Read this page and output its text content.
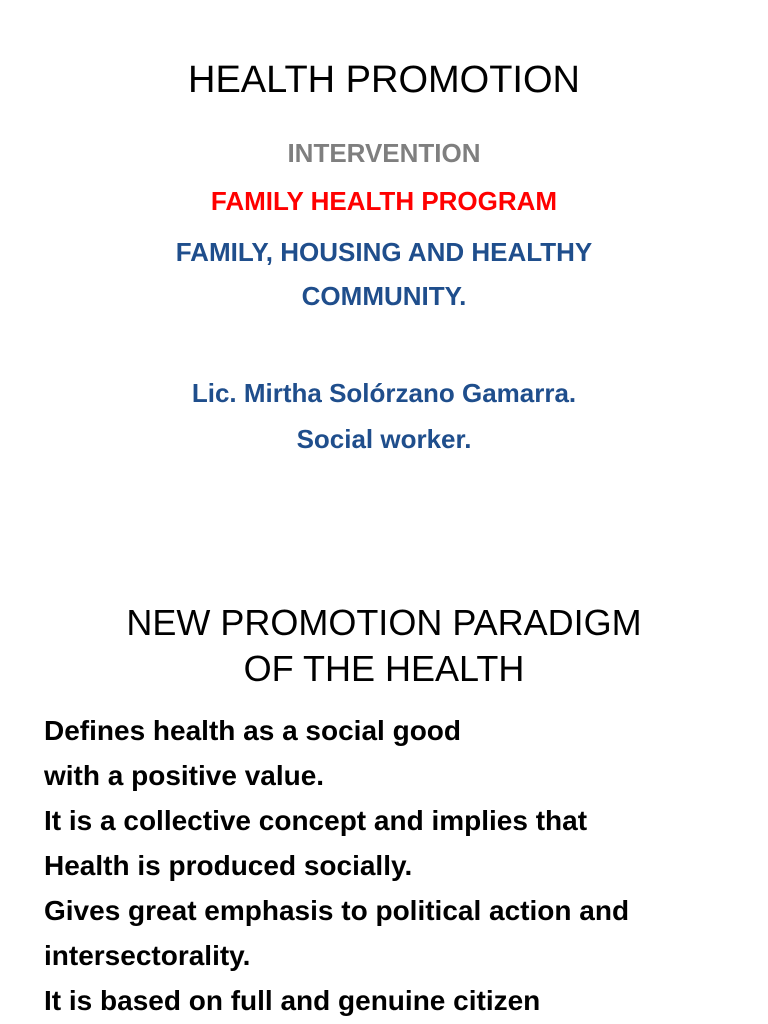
HEALTH PROMOTION
INTERVENTION
FAMILY HEALTH PROGRAM
FAMILY, HOUSING AND HEALTHY
COMMUNITY.
Lic. Mirtha Solórzano Gamarra.
Social worker.
NEW PROMOTION PARADIGM
OF THE HEALTH
Defines health as a social good
with a positive value.
It is a collective concept and implies that
Health is produced socially.
Gives great emphasis to political action and
intersectorality.
It is based on full and genuine citizen
